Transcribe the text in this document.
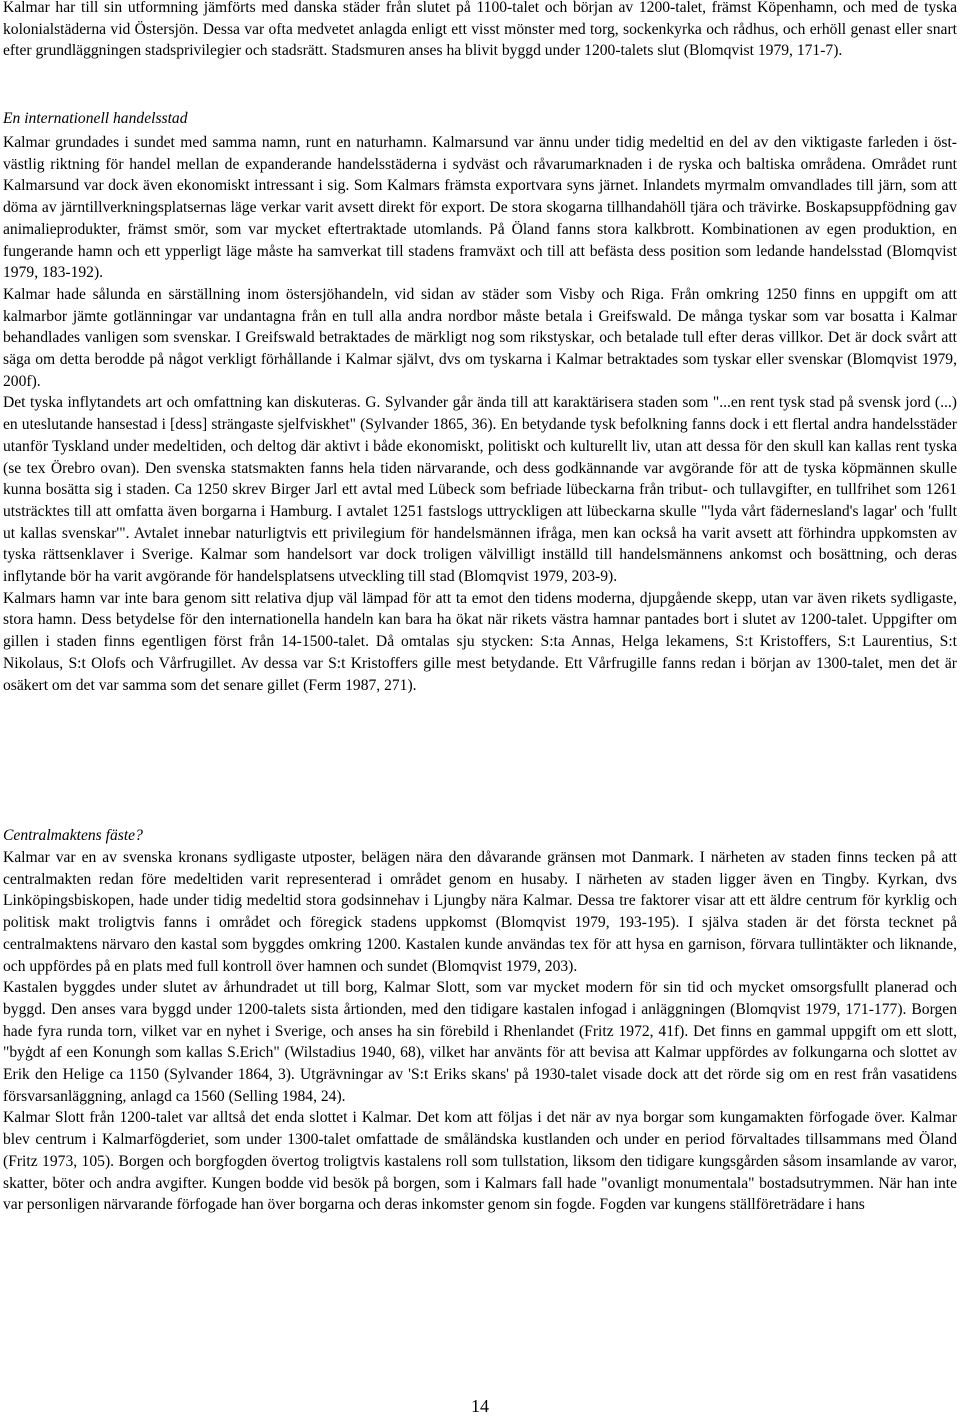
Kalmar har till sin utformning jämförts med danska städer från slutet på 1100-talet och början av 1200-talet, främst Köpenhamn, och med de tyska kolonialstäderna vid Östersjön. Dessa var ofta medvetet anlagda enligt ett visst mönster med torg, sockenkyrka och rådhus, och erhöll genast eller snart efter grundläggningen stadsprivilegier och stadsrätt. Stadsmuren anses ha blivit byggd under 1200-talets slut (Blomqvist 1979, 171-7).

En internationell handelsstad

Kalmar grundades i sundet med samma namn, runt en naturhamn. Kalmarsund var ännu under tidig medeltid en del av den viktigaste farleden i öst-västlig riktning för handel mellan de expanderande handelsstäderna i sydväst och råvarumarknaden i de ryska och baltiska områdena. Området runt Kalmarsund var dock även ekonomiskt intressant i sig. Som Kalmars främsta exportvara syns järnet. Inlandets myrmalm omvandlades till järn, som att döma av järntillverkningsplatsernas läge verkar varit avsett direkt för export. De stora skogarna tillhandahöll tjära och trävirke. Boskapsuppfödning gav animalieprodukter, främst smör, som var mycket eftertraktade utomlands. På Öland fanns stora kalkbrott. Kombinationen av egen produktion, en fungerande hamn och ett ypperligt läge måste ha samverkat till stadens framväxt och till att befästa dess position som ledande handelsstad (Blomqvist 1979, 183-192).

Kalmar hade sålunda en särställning inom östersjöhandeln, vid sidan av städer som Visby och Riga. Från omkring 1250 finns en uppgift om att kalmarbor jämte gotlänningar var undantagna från en tull alla andra nordbor måste betala i Greifswald. De många tyskar som var bosatta i Kalmar behandlades vanligen som svenskar. I Greifswald betraktades de märkligt nog som rikstyskar, och betalade tull efter deras villkor. Det är dock svårt att säga om detta berodde på något verkligt förhållande i Kalmar självt, dvs om tyskarna i Kalmar betraktades som tyskar eller svenskar (Blomqvist 1979, 200f).

Det tyska inflytandets art och omfattning kan diskuteras. G. Sylvander går ända till att karaktärisera staden som "...en rent tysk stad på svensk jord (...) en uteslutande hansestad i [dess] strängaste sjelfviskhet" (Sylvander 1865, 36). En betydande tysk befolkning fanns dock i ett flertal andra handelsstäder utanför Tyskland under medeltiden, och deltog där aktivt i både ekonomiskt, politiskt och kulturellt liv, utan att dessa för den skull kan kallas rent tyska (se tex Örebro ovan). Den svenska statsmakten fanns hela tiden närvarande, och dess godkännande var avgörande för att de tyska köpmännen skulle kunna bosätta sig i staden. Ca 1250 skrev Birger Jarl ett avtal med Lübeck som befriade lübeckarna från tribut- och tullavgifter, en tullfrihet som 1261 utsträcktes till att omfatta även borgarna i Hamburg. I avtalet 1251 fastslogs uttryckligen att lübeckarna skulle "'lyda vårt fädernesland's lagar' och 'fullt ut kallas svenskar'". Avtalet innebar naturligtvis ett privilegium för handelsmännen ifråga, men kan också ha varit avsett att förhindra uppkomsten av tyska rättsenklaver i Sverige. Kalmar som handelsort var dock troligen välvilligt inställd till handelsmännens ankomst och bosättning, och deras inflytande bör ha varit avgörande för handelsplatsens utveckling till stad (Blomqvist 1979, 203-9).

Kalmars hamn var inte bara genom sitt relativa djup väl lämpad för att ta emot den tidens moderna, djupgående skepp, utan var även rikets sydligaste, stora hamn. Dess betydelse för den internationella handeln kan bara ha ökat när rikets västra hamnar pantades bort i slutet av 1200-talet. Uppgifter om gillen i staden finns egentligen först från 14-1500-talet. Då omtalas sju stycken: S:ta Annas, Helga lekamens, S:t Kristoffers, S:t Laurentius, S:t Nikolaus, S:t Olofs och Vårfrugillet. Av dessa var S:t Kristoffers gille mest betydande. Ett Vårfrugille fanns redan i början av 1300-talet, men det är osäkert om det var samma som det senare gillet (Ferm 1987, 271).

Centralmaktens fäste?

Kalmar var en av svenska kronans sydligaste utposter, belägen nära den dåvarande gränsen mot Danmark. I närheten av staden finns tecken på att centralmakten redan före medeltiden varit representerad i området genom en husaby. I närheten av staden ligger även en Tingby. Kyrkan, dvs Linköpingsbiskopen, hade under tidig medeltid stora godsinnehav i Ljungby nära Kalmar. Dessa tre faktorer visar att ett äldre centrum för kyrklig och politisk makt troligtvis fanns i området och föregick stadens uppkomst (Blomqvist 1979, 193-195). I själva staden är det första tecknet på centralmaktens närvaro den kastal som byggdes omkring 1200. Kastalen kunde användas tex för att hysa en garnison, förvara tullintäkter och liknande, och uppfördes på en plats med full kontroll över hamnen och sundet (Blomqvist 1979, 203).

Kastalen byggdes under slutet av århundradet ut till borg, Kalmar Slott, som var mycket modern för sin tid och mycket omsorgsfullt planerad och byggd. Den anses vara byggd under 1200-talets sista årtionden, med den tidigare kastalen infogad i anläggningen (Blomqvist 1979, 171-177). Borgen hade fyra runda torn, vilket var en nyhet i Sverige, och anses ha sin förebild i Rhenlandet (Fritz 1972, 41f). Det finns en gammal uppgift om ett slott, "byġdt af een Konungh som kallas S.Erich" (Wilstadius 1940, 68), vilket har använts för att bevisa att Kalmar uppfördes av folkungarna och slottet av Erik den Helige ca 1150 (Sylvander 1864, 3). Utgrävningar av 'S:t Eriks skans' på 1930-talet visade dock att det rörde sig om en rest från vasatidens försvarsanläggning, anlagd ca 1560 (Selling 1984, 24).

Kalmar Slott från 1200-talet var alltså det enda slottet i Kalmar. Det kom att följas i det när av nya borgar som kungamakten förfogade över. Kalmar blev centrum i Kalmarfögderiet, som under 1300-talet omfattade de småländska kustlanden och under en period förvaltades tillsammans med Öland (Fritz 1973, 105). Borgen och borgfogden övertog troligtvis kastalens roll som tullstation, liksom den tidigare kungsgården såsom insamlande av varor, skatter, böter och andra avgifter. Kungen bodde vid besök på borgen, som i Kalmars fall hade "ovanligt monumentala" bostadsutrymmen. När han inte var personligen närvarande förfogade han över borgarna och deras inkomster genom sin fogde. Fogden var kungens ställföreträdare i hans

14
